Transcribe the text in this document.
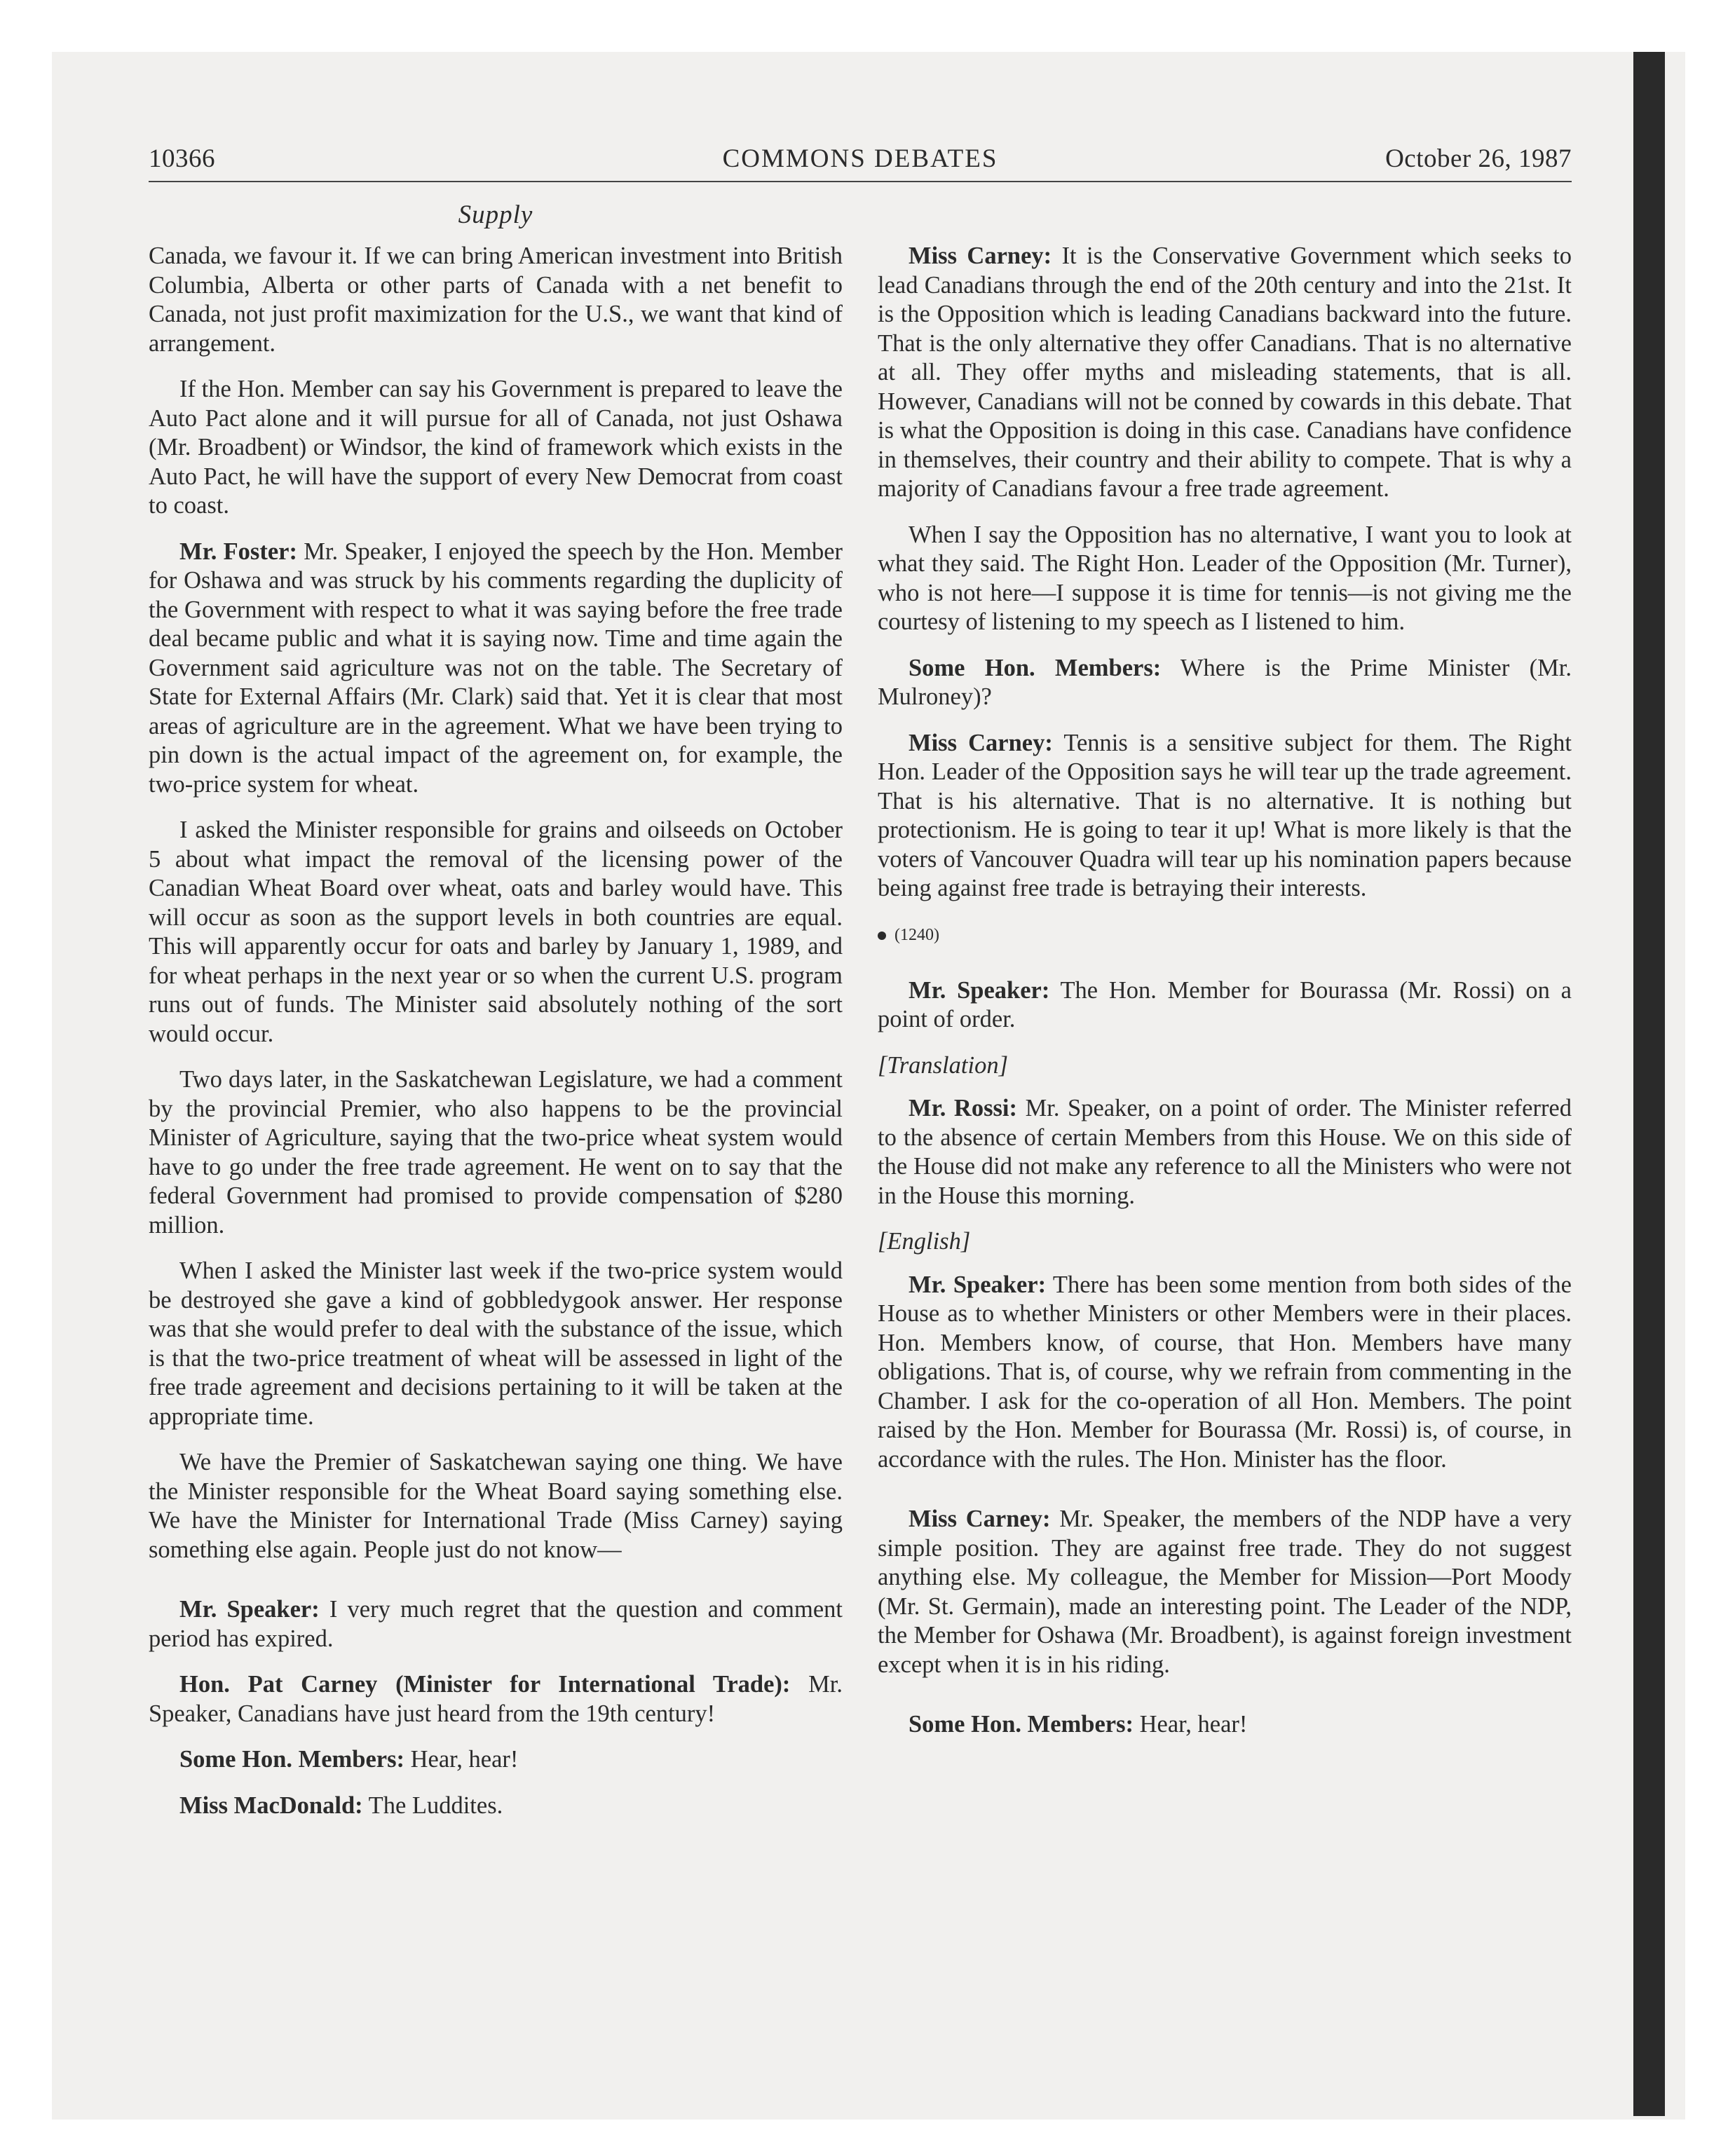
10366	COMMONS DEBATES	October 26, 1987
Supply

Canada, we favour it. If we can bring American investment into British Columbia, Alberta or other parts of Canada with a net benefit to Canada, not just profit maximization for the U.S., we want that kind of arrangement.

If the Hon. Member can say his Government is prepared to leave the Auto Pact alone and it will pursue for all of Canada, not just Oshawa (Mr. Broadbent) or Windsor, the kind of framework which exists in the Auto Pact, he will have the support of every New Democrat from coast to coast.

Mr. Foster: Mr. Speaker, I enjoyed the speech by the Hon. Member for Oshawa and was struck by his comments regarding the duplicity of the Government with respect to what it was saying before the free trade deal became public and what it is saying now. Time and time again the Government said agriculture was not on the table. The Secretary of State for External Affairs (Mr. Clark) said that. Yet it is clear that most areas of agriculture are in the agreement. What we have been trying to pin down is the actual impact of the agreement on, for example, the two-price system for wheat.

I asked the Minister responsible for grains and oilseeds on October 5 about what impact the removal of the licensing power of the Canadian Wheat Board over wheat, oats and barley would have. This will occur as soon as the support levels in both countries are equal. This will apparently occur for oats and barley by January 1, 1989, and for wheat perhaps in the next year or so when the current U.S. program runs out of funds. The Minister said absolutely nothing of the sort would occur.

Two days later, in the Saskatchewan Legislature, we had a comment by the provincial Premier, who also happens to be the provincial Minister of Agriculture, saying that the two-price wheat system would have to go under the free trade agreement. He went on to say that the federal Government had promised to provide compensation of $280 million.

When I asked the Minister last week if the two-price system would be destroyed she gave a kind of gobbledygook answer. Her response was that she would prefer to deal with the substance of the issue, which is that the two-price treatment of wheat will be assessed in light of the free trade agreement and decisions pertaining to it will be taken at the appropriate time.

We have the Premier of Saskatchewan saying one thing. We have the Minister responsible for the Wheat Board saying something else. We have the Minister for International Trade (Miss Carney) saying something else again. People just do not know—

Mr. Speaker: I very much regret that the question and comment period has expired.

Hon. Pat Carney (Minister for International Trade): Mr. Speaker, Canadians have just heard from the 19th century!

Some Hon. Members: Hear, hear!

Miss MacDonald: The Luddites.

Miss Carney: It is the Conservative Government which seeks to lead Canadians through the end of the 20th century and into the 21st. It is the Opposition which is leading Canadians backward into the future. That is the only alternative they offer Canadians. That is no alternative at all. They offer myths and misleading statements, that is all. However, Canadians will not be conned by cowards in this debate. That is what the Opposition is doing in this case. Canadians have confidence in themselves, their country and their ability to compete. That is why a majority of Canadians favour a free trade agreement.

When I say the Opposition has no alternative, I want you to look at what they said. The Right Hon. Leader of the Opposition (Mr. Turner), who is not here—I suppose it is time for tennis—is not giving me the courtesy of listening to my speech as I listened to him.

Some Hon. Members: Where is the Prime Minister (Mr. Mulroney)?

Miss Carney: Tennis is a sensitive subject for them. The Right Hon. Leader of the Opposition says he will tear up the trade agreement. That is his alternative. That is no alternative. It is nothing but protectionism. He is going to tear it up! What is more likely is that the voters of Vancouver Quadra will tear up his nomination papers because being against free trade is betraying their interests.

(1240)

Mr. Speaker: The Hon. Member for Bourassa (Mr. Rossi) on a point of order.

[Translation]

Mr. Rossi: Mr. Speaker, on a point of order. The Minister referred to the absence of certain Members from this House. We on this side of the House did not make any reference to all the Ministers who were not in the House this morning.

[English]

Mr. Speaker: There has been some mention from both sides of the House as to whether Ministers or other Members were in their places. Hon. Members know, of course, that Hon. Members have many obligations. That is, of course, why we refrain from commenting in the Chamber. I ask for the co-operation of all Hon. Members. The point raised by the Hon. Member for Bourassa (Mr. Rossi) is, of course, in accordance with the rules. The Hon. Minister has the floor.

Miss Carney: Mr. Speaker, the members of the NDP have a very simple position. They are against free trade. They do not suggest anything else. My colleague, the Member for Mission—Port Moody (Mr. St. Germain), made an interesting point. The Leader of the NDP, the Member for Oshawa (Mr. Broadbent), is against foreign investment except when it is in his riding.

Some Hon. Members: Hear, hear!
